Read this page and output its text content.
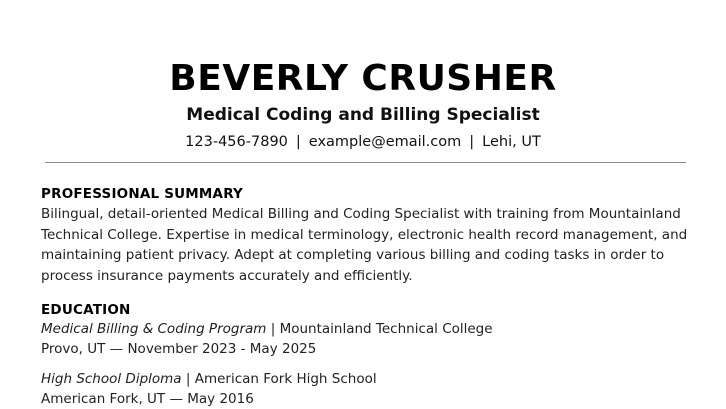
BEVERLY CRUSHER
Medical Coding and Billing Specialist
123-456-7890 | example@email.com | Lehi, UT
PROFESSIONAL SUMMARY
Bilingual, detail-oriented Medical Billing and Coding Specialist with training from Mountainland Technical College. Expertise in medical terminology, electronic health record management, and maintaining patient privacy. Adept at completing various billing and coding tasks in order to process insurance payments accurately and efficiently.
EDUCATION
Medical Billing & Coding Program | Mountainland Technical College
Provo, UT — November 2023 - May 2025
High School Diploma | American Fork High School
American Fork, UT — May 2016
